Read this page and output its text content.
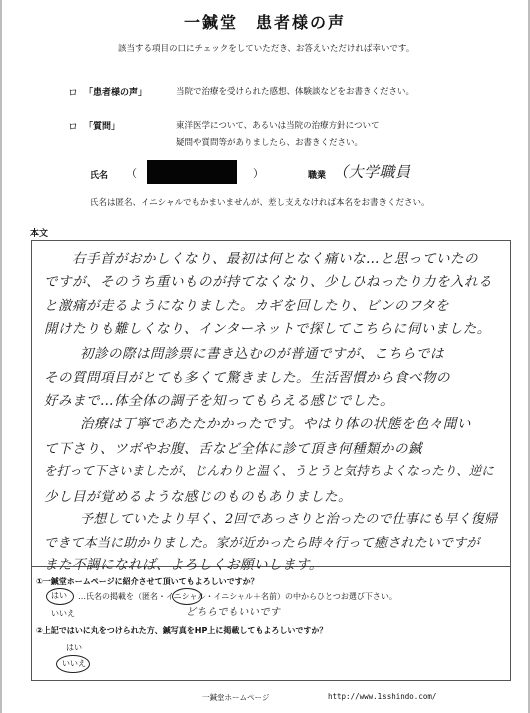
一鍼堂　患者様の声
該当する項目の口にチェックをしていただき、お答えいただければ幸いです。
ロ 「患者様の声」	当院で治療を受けられた感想、体験談などをお書きください。
ロ 「質問」	東洋医学について、あるいは当院の治療方針について
疑問や質問等がありましたら、お書きください。
氏名 （	）	職業 （大学職員
氏名は匿名、イニシャルでもかまいませんが、差し支えなければ本名をお書きください。
本文
右手首がおかしくなり、最初は何となく痛いな…と思っていたの
ですが、そのうち重いものが持てなくなり、少しひねったり力を入れる
と激痛が走るようになりました。カギを回したり、ビンのフタを
開けたりも難しくなり、インターネットで探してこちらに伺いました。
初診の際は問診票に書き込むのが普通ですが、こちらでは
その質問項目がとても多くて驚きました。生活習慣から食べ物の
好みまで…体全体の調子を知ってもらえる感じでした。
治療は丁寧であたたかかったです。やはり体の状態を色々聞い
て下さり、ツボやお腹、舌など全体に診て頂き何種類かの鍼
を打って下さいましたが、じんわりと温く、うとうと気持ちよくなったり、逆に
少し目が覚めるような感じのものもありました。
予想していたより早く、2回であっさりと治ったので仕事にも早く復帰
できて本当に助かりました。家が近かったら時々行って癒されたいですが
また不調になれば、よろしくお願いします。
①一鍼堂ホームページに紹介させて頂いてもよろしいですか？
はい …氏名の掲載を（匿名・イニシャル・イニシャル＋名前）の中からひとつお選び下さい。
どちらでもいいです
いいえ
②上記ではいに丸をつけられた方、鍼写真をHP上に掲載してもよろしいですか？
はい
いいえ
一鍼堂ホームページ	http://www.1sshindo.com/
